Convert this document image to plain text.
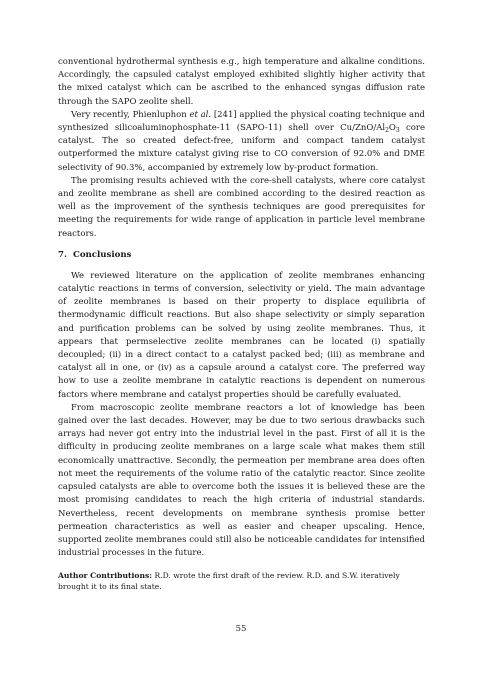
conventional hydrothermal synthesis e.g., high temperature and alkaline conditions. Accordingly, the capsuled catalyst employed exhibited slightly higher activity that the mixed catalyst which can be ascribed to the enhanced syngas diffusion rate through the SAPO zeolite shell.

Very recently, Phienluphon et al. [241] applied the physical coating technique and synthesized silicoaluminophosphate-11 (SAPO-11) shell over $Cu/ZnO/Al_2O_3$ core catalyst. The so created defect-free, uniform and compact tandem catalyst outperformed the mixture catalyst giving rise to CO conversion of 92.0% and DME selectivity of 90.3%, accompanied by extremely low by-product formation.

The promising results achieved with the core-shell catalysts, where core catalyst and zeolite membrane as shell are combined according to the desired reaction as well as the improvement of the synthesis techniques are good prerequisites for meeting the requirements for wide range of application in particle level membrane reactors.

7. Conclusions

We reviewed literature on the application of zeolite membranes enhancing catalytic reactions in terms of conversion, selectivity or yield. The main advantage of zeolite membranes is based on their property to displace equilibria of thermodynamic difficult reactions. But also shape selectivity or simply separation and purification problems can be solved by using zeolite membranes. Thus, it appears that permselective zeolite membranes can be located (i) spatially decoupled; (ii) in a direct contact to a catalyst packed bed; (iii) as membrane and catalyst all in one, or (iv) as a capsule around a catalyst core. The preferred way how to use a zeolite membrane in catalytic reactions is dependent on numerous factors where membrane and catalyst properties should be carefully evaluated.

From macroscopic zeolite membrane reactors a lot of knowledge has been gained over the last decades. However, may be due to two serious drawbacks such arrays had never got entry into the industrial level in the past. First of all it is the difficulty in producing zeolite membranes on a large scale what makes them still economically unattractive. Secondly, the permeation per membrane area does often not meet the requirements of the volume ratio of the catalytic reactor. Since zeolite capsuled catalysts are able to overcome both the issues it is believed these are the most promising candidates to reach the high criteria of industrial standards. Nevertheless, recent developments on membrane synthesis promise better permeation characteristics as well as easier and cheaper upscaling. Hence, supported zeolite membranes could still also be noticeable candidates for intensified industrial processes in the future.

Author Contributions: R.D. wrote the first draft of the review. R.D. and S.W. iteratively brought it to its final state.

55
